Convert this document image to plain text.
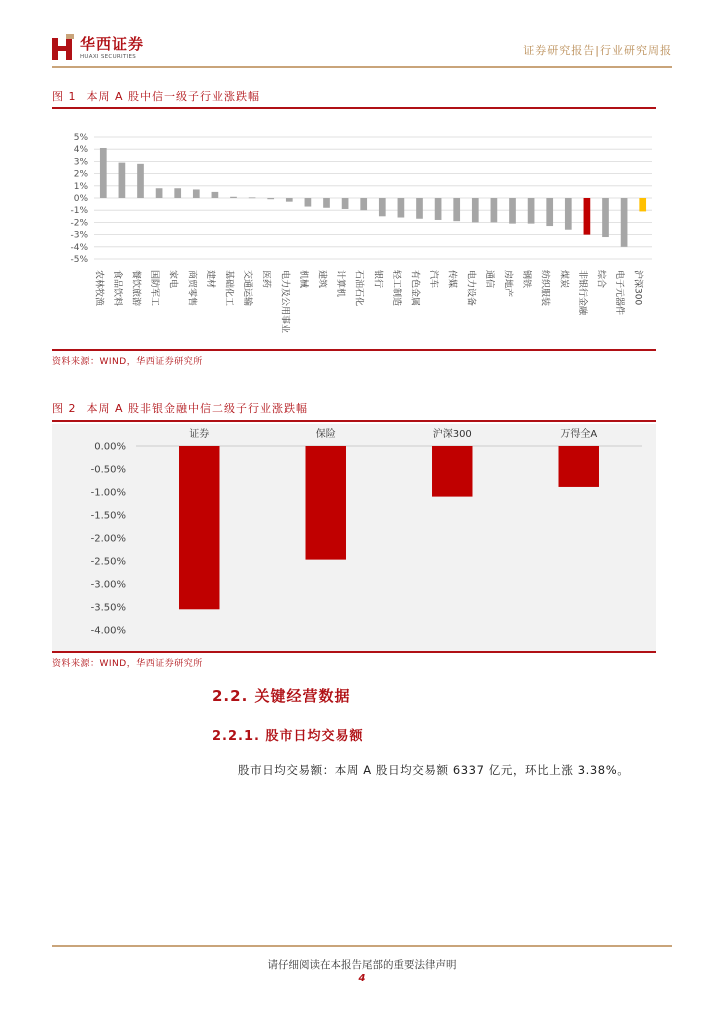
华西证券
HUAXI SECURITIES	证券研究报告|行业研究周报
图 1 本周 A 股中信一级子行业涨跌幅
5%
4%
3%
2%
1%
0%
-1%
-2%
-3%
-4%
-5%
农林牧渔 食品饮料 餐饮旅游 国防军工 家电 商贸零售 建材 基础化工 交通运输 医药 电力及公用事业 机械 建筑 计算机 石油石化 银行 轻工制造 有色金属 汽车 传媒 电力设备 通信 房地产 钢铁 纺织服装 煤炭 非银行金融 综合 电子元器件 沪深300
资料来源：WIND，华西证券研究所
图 2 本周 A 股非银金融中信二级子行业涨跌幅
0.00%
-0.50%
-1.00%
-1.50%
-2.00%
-2.50%
-3.00%
-3.50%
-4.00%
证券	保险	沪深300	万得全A
资料来源：WIND，华西证券研究所
2.2. 关键经营数据
2.2.1. 股市日均交易额
股市日均交易额：本周 A 股日均交易额 6337 亿元，环比上涨 3.38%。
请仔细阅读在本报告尾部的重要法律声明
4
